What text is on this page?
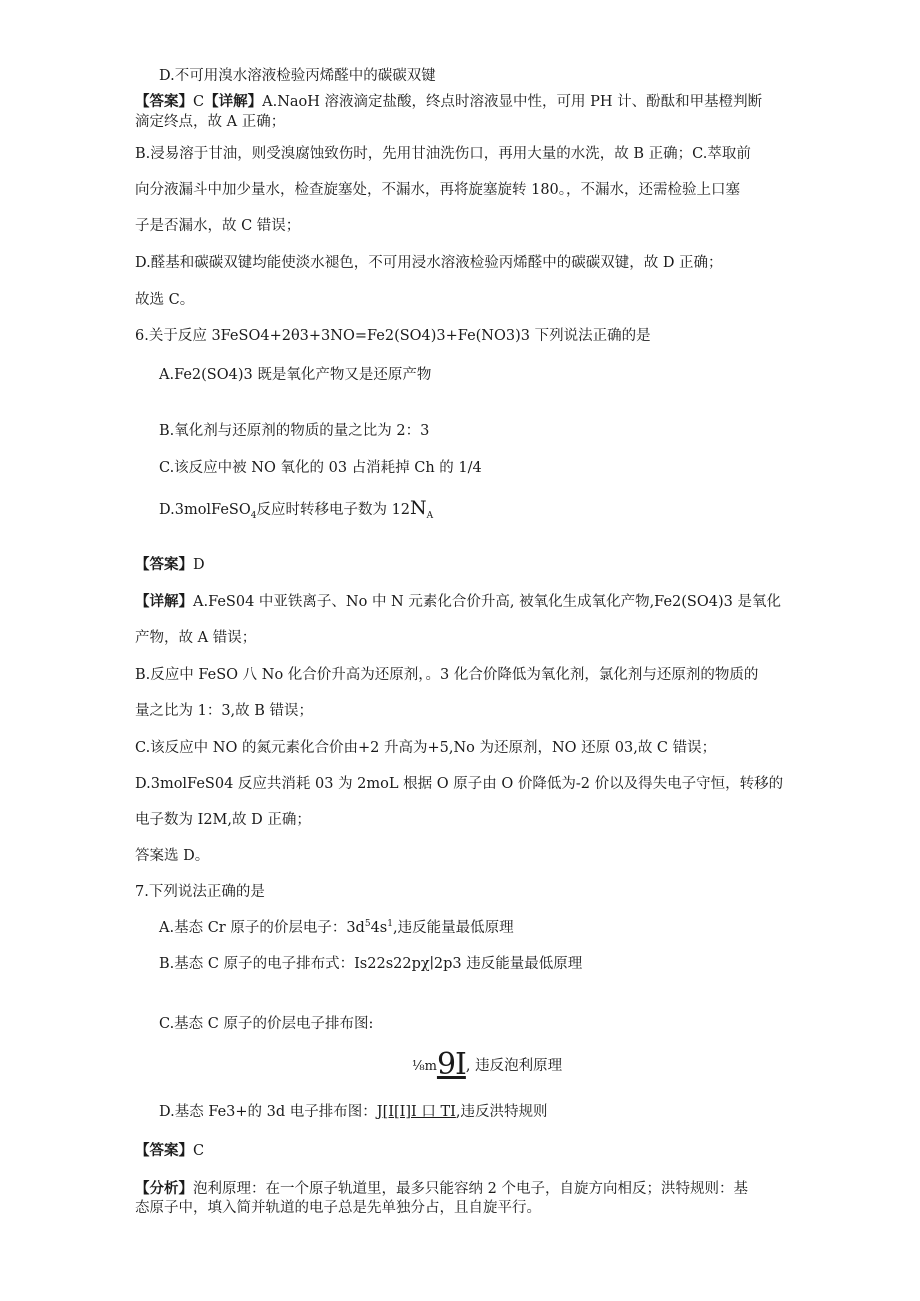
D.不可用溴水溶液检验丙烯醛中的碳碳双键
【答案】C【详解】A.NaoH 溶液滴定盐酸，终点时溶液显中性，可用 PH 计、酚酞和甲基橙判断
滴定终点，故 A 正确；
B.浸易溶于甘油，则受溴腐蚀致伤时，先用甘油洗伤口，再用大量的水洗，故 B 正确；C.萃取前
向分液漏斗中加少量水，检查旋塞处，不漏水，再将旋塞旋转 180。，不漏水，还需检验上口塞
子是否漏水，故 C 错误；
D.醛基和碳碳双键均能使淡水褪色，不可用浸水溶液检验丙烯醛中的碳碳双键，故 D 正确；
故选 C。
6.关于反应 3FeSO4+2θ3+3NO=Fe2(SO4)3+Fe(NO3)3 下列说法正确的是
A.Fe2(SO4)3 既是氧化产物又是还原产物
B.氧化剂与还原剂的物质的量之比为 2：3
C.该反应中被 NO 氧化的 03 占消耗掉 Ch 的 1/4
D.3molFeSO$_4$反应时转移电子数为 $12N_A$
【答案】D
【详解】A.FeS04 中亚铁离子、No 中 N 元素化合价升高, 被氧化生成氧化产物,Fe2(SO4)3 是氧化
产物，故 A 错误；
B.反应中 FeSO 八 No 化合价升高为还原剂，。3 化合价降低为氧化剂，氯化剂与还原剂的物质的
量之比为 1：3,故 B 错误；
C.该反应中 NO 的氮元素化合价由+2 升高为+5,No 为还原剂，NO 还原 03,故 C 错误；
D.3molFeS04 反应共消耗 03 为 2moL 根据 O 原子由 O 价降低为-2 价以及得失电子守恒，转移的
电子数为 I2M,故 D 正确；
答案选 D。
7.下列说法正确的是
A.基态 Cr 原子的价层电子：$3d^54s^1$,违反能量最低原理
B.基态 C 原子的电子排布式：Is22s22pχ∣2p3 违反能量最低原理
C.基态 C 原子的价层电子排布图:
⅛m9I, 违反泡利原理
D.基态 Fe3+的 3d 电子排布图：J[I[I]I 口 TI,违反洪特规则
【答案】C
【分析】泡利原理：在一个原子轨道里，最多只能容纳 2 个电子，自旋方向相反；洪特规则：基
态原子中，填入简并轨道的电子总是先单独分占，且自旋平行。
